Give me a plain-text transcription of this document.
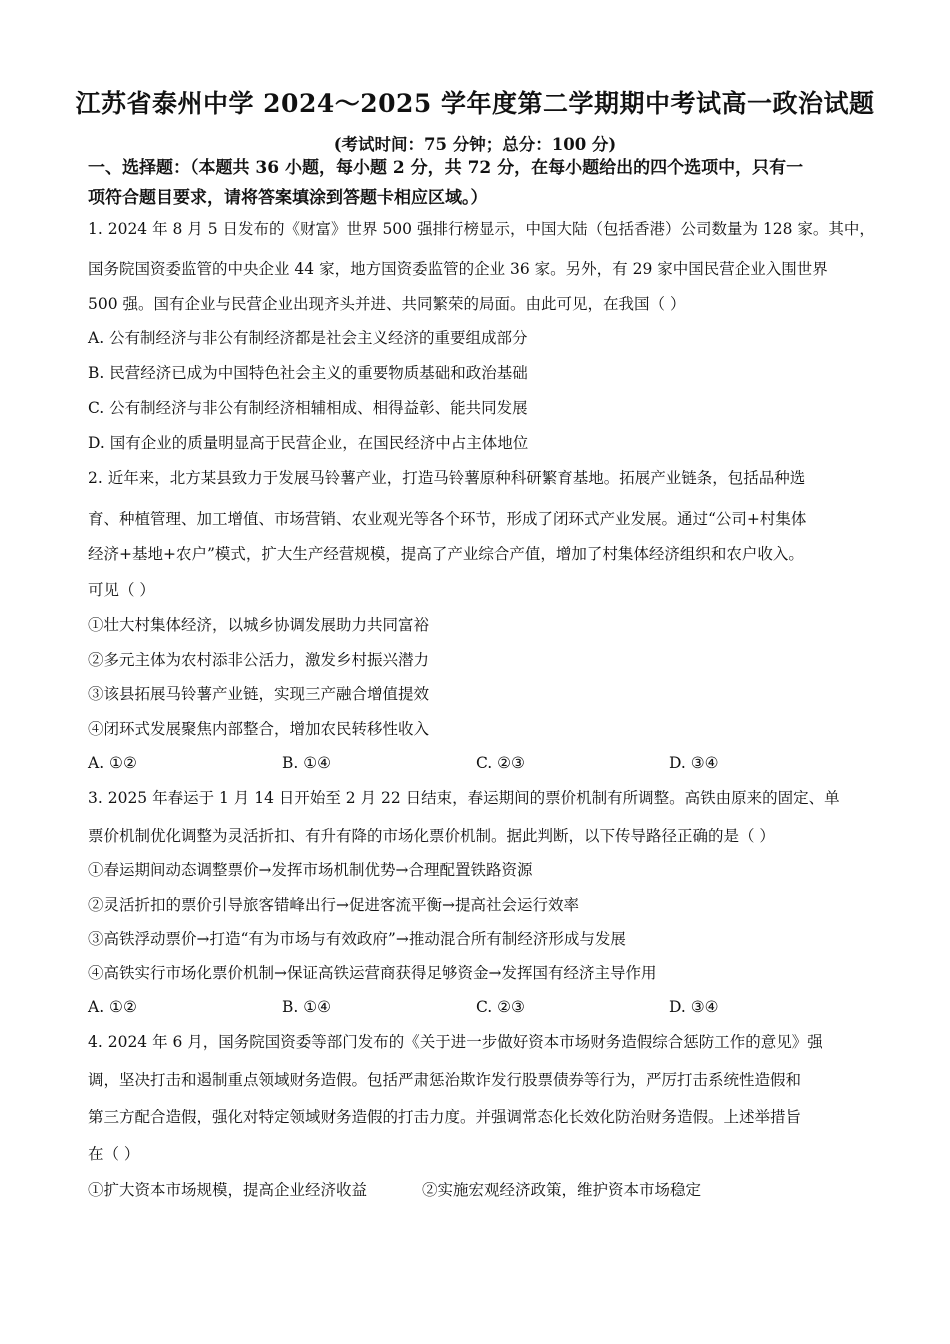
江苏省泰州中学 2024～2025 学年度第二学期期中考试高一政治试题
(考试时间：75 分钟；总分：100 分)
一、选择题：（本题共 36 小题，每小题 2 分，共 72 分，在每小题给出的四个选项中，只有一
项符合题目要求，请将答案填涂到答题卡相应区域。）
1. 2024 年 8 月 5 日发布的《财富》世界 500 强排行榜显示，中国大陆（包括香港）公司数量为 128 家。其中，
国务院国资委监管的中央企业 44 家，地方国资委监管的企业 36 家。另外，有 29 家中国民营企业入围世界
500 强。国有企业与民营企业出现齐头并进、共同繁荣的局面。由此可见，在我国（ ）
A. 公有制经济与非公有制经济都是社会主义经济的重要组成部分
B. 民营经济已成为中国特色社会主义的重要物质基础和政治基础
C. 公有制经济与非公有制经济相辅相成、相得益彰、能共同发展
D. 国有企业的质量明显高于民营企业，在国民经济中占主体地位
2. 近年来，北方某县致力于发展马铃薯产业，打造马铃薯原种科研繁育基地。拓展产业链条，包括品种选
育、种植管理、加工增值、市场营销、农业观光等各个环节，形成了闭环式产业发展。通过“公司+村集体
经济+基地+农户”模式，扩大生产经营规模，提高了产业综合产值，增加了村集体经济组织和农户收入。
可见（ ）
①壮大村集体经济，以城乡协调发展助力共同富裕
②多元主体为农村添非公活力，激发乡村振兴潜力
③该县拓展马铃薯产业链，实现三产融合增值提效
④闭环式发展聚焦内部整合，增加农民转移性收入
A. ①②	B. ①④	C. ②③	D. ③④
3. 2025 年春运于 1 月 14 日开始至 2 月 22 日结束，春运期间的票价机制有所调整。高铁由原来的固定、单
票价机制优化调整为灵活折扣、有升有降的市场化票价机制。据此判断，以下传导路径正确的是（ ）
①春运期间动态调整票价→发挥市场机制优势→合理配置铁路资源
②灵活折扣的票价引导旅客错峰出行→促进客流平衡→提高社会运行效率
③高铁浮动票价→打造“有为市场与有效政府”→推动混合所有制经济形成与发展
④高铁实行市场化票价机制→保证高铁运营商获得足够资金→发挥国有经济主导作用
A. ①②	B. ①④	C. ②③	D. ③④
4. 2024 年 6 月，国务院国资委等部门发布的《关于进一步做好资本市场财务造假综合惩防工作的意见》强
调，坚决打击和遏制重点领域财务造假。包括严肃惩治欺诈发行股票债券等行为，严厉打击系统性造假和
第三方配合造假，强化对特定领域财务造假的打击力度。并强调常态化长效化防治财务造假。上述举措旨
在（ ）
①扩大资本市场规模，提高企业经济收益	②实施宏观经济政策，维护资本市场稳定
